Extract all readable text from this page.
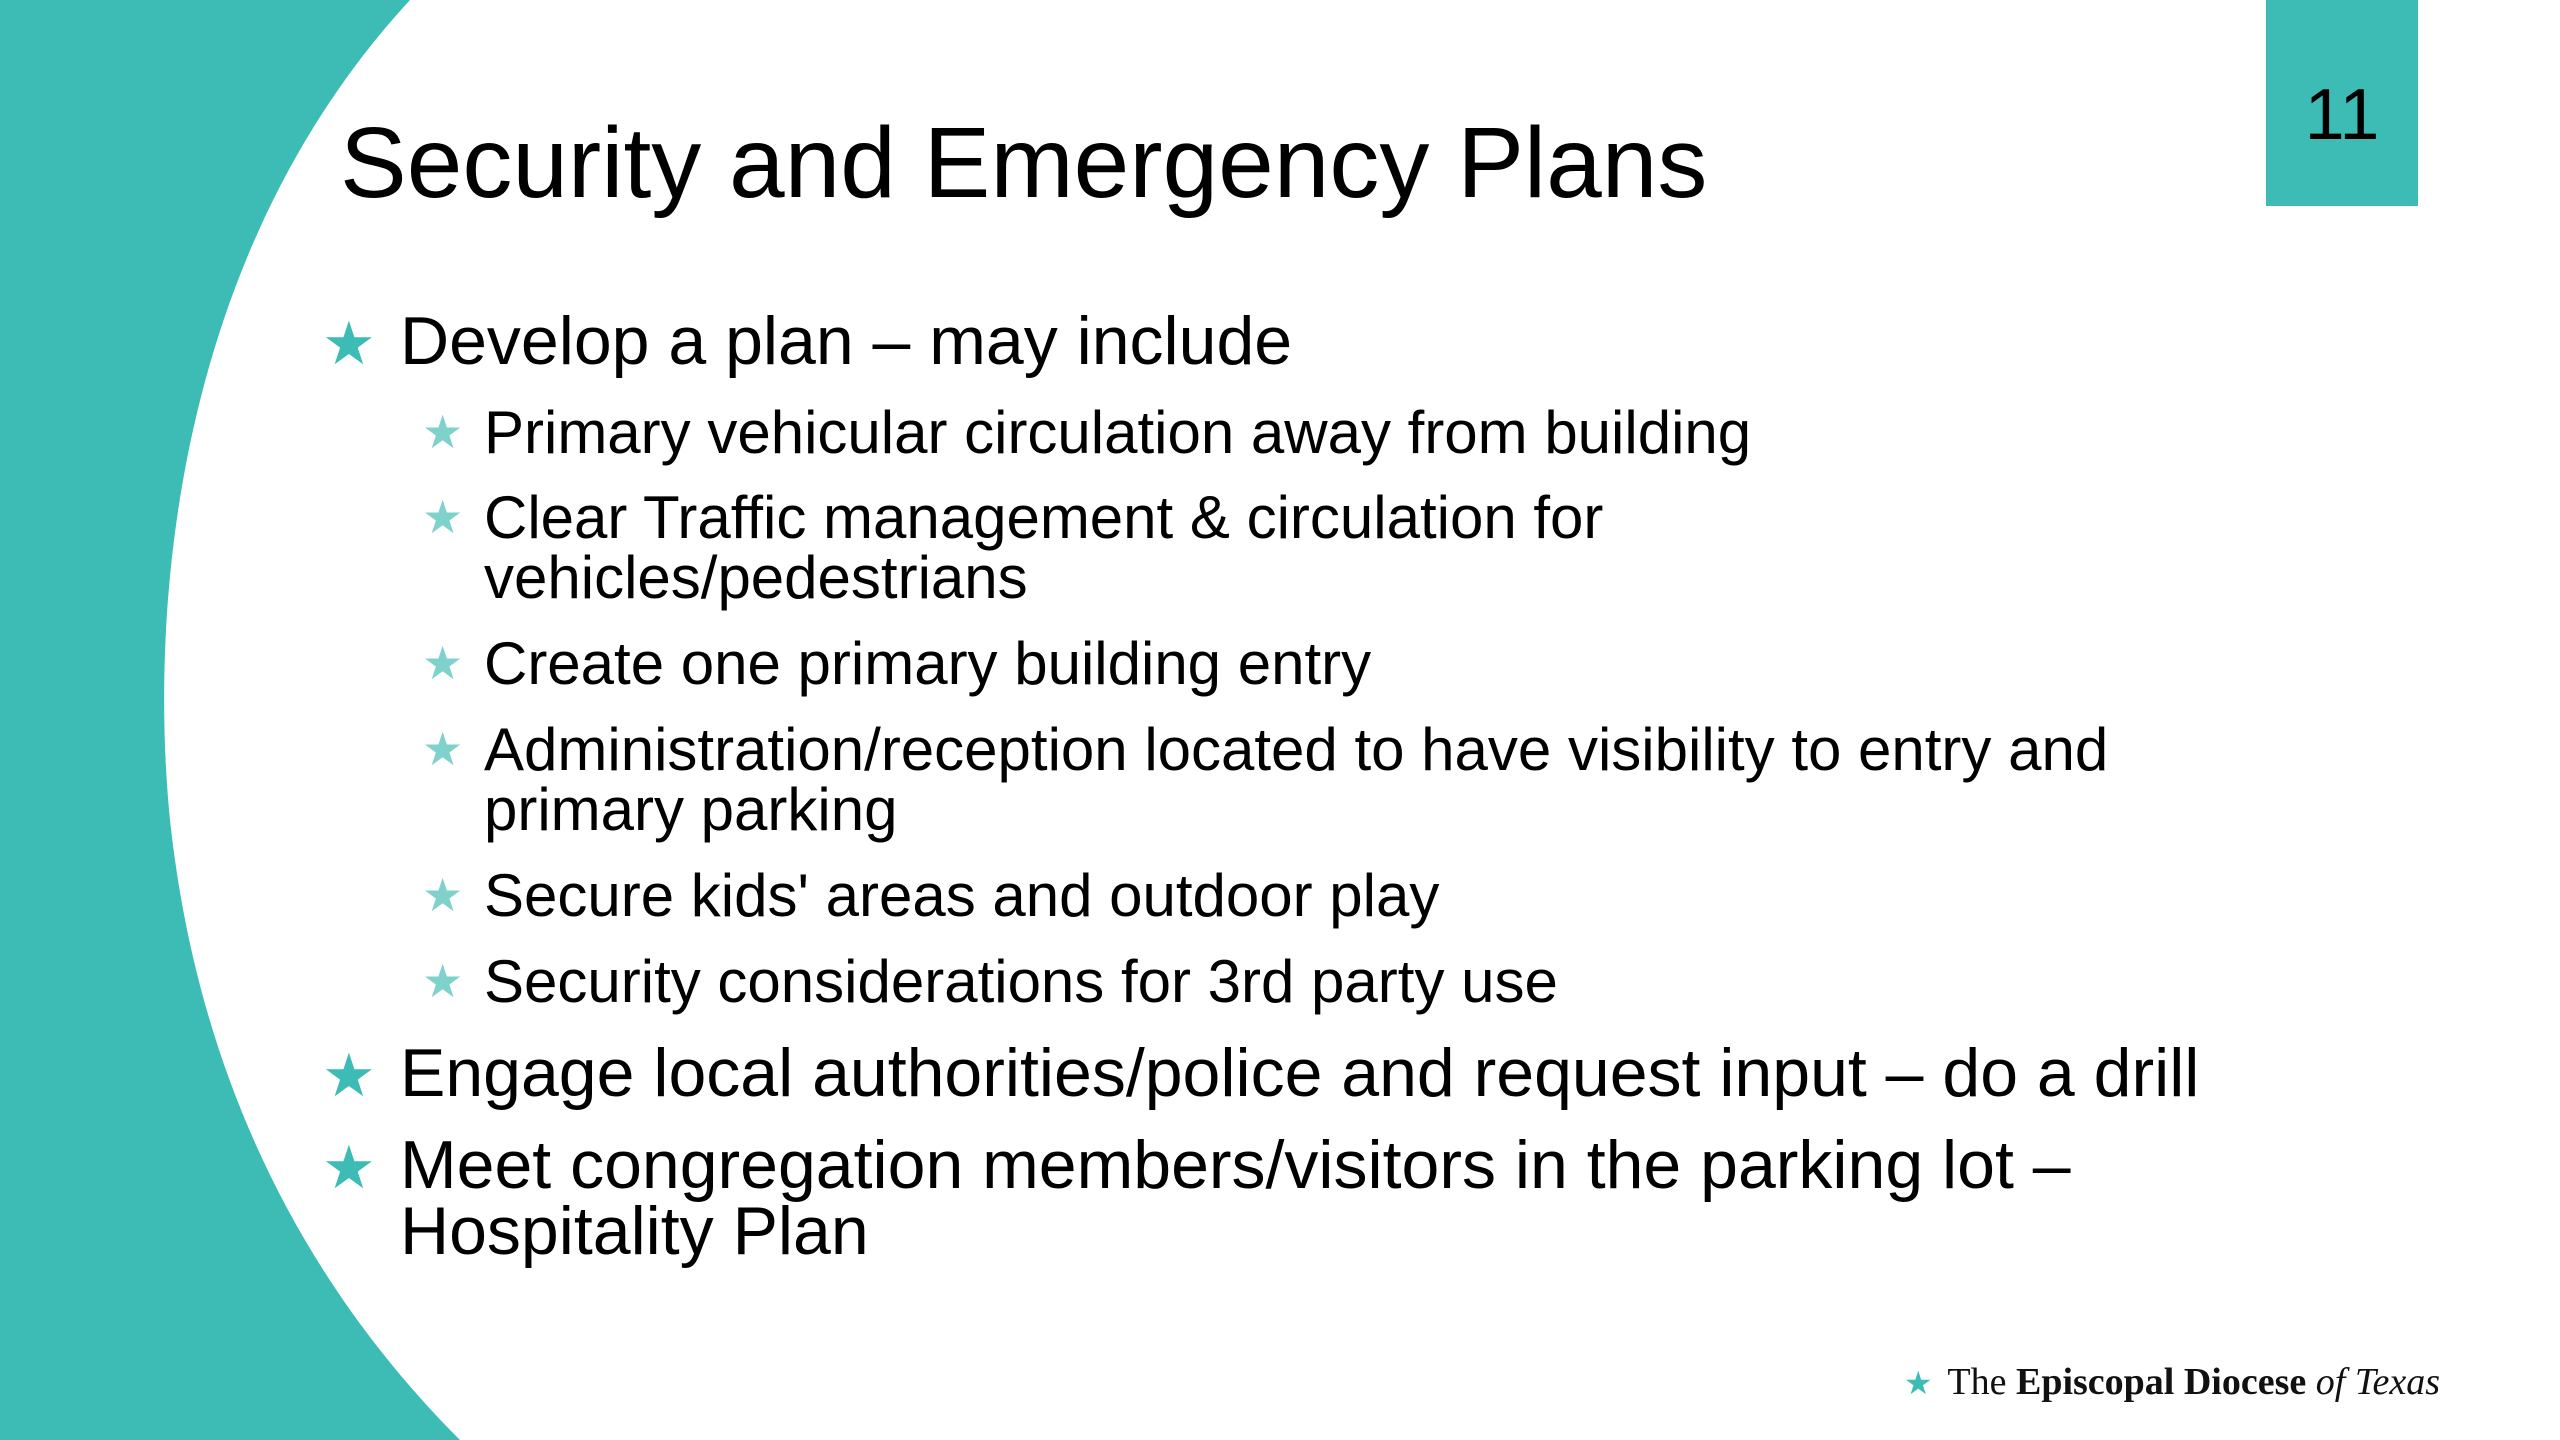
11
Security and Emergency Plans
★ Develop a plan – may include
★ Primary vehicular circulation away from building
★ Clear Traffic management & circulation for vehicles/pedestrians
★ Create one primary building entry
★ Administration/reception located to have visibility to entry and primary parking
★ Secure kids' areas and outdoor play
★ Security considerations for 3rd party use
★ Engage local authorities/police and request input – do a drill
★ Meet congregation members/visitors in the parking lot – Hospitality Plan
★ The Episcopal Diocese of Texas
